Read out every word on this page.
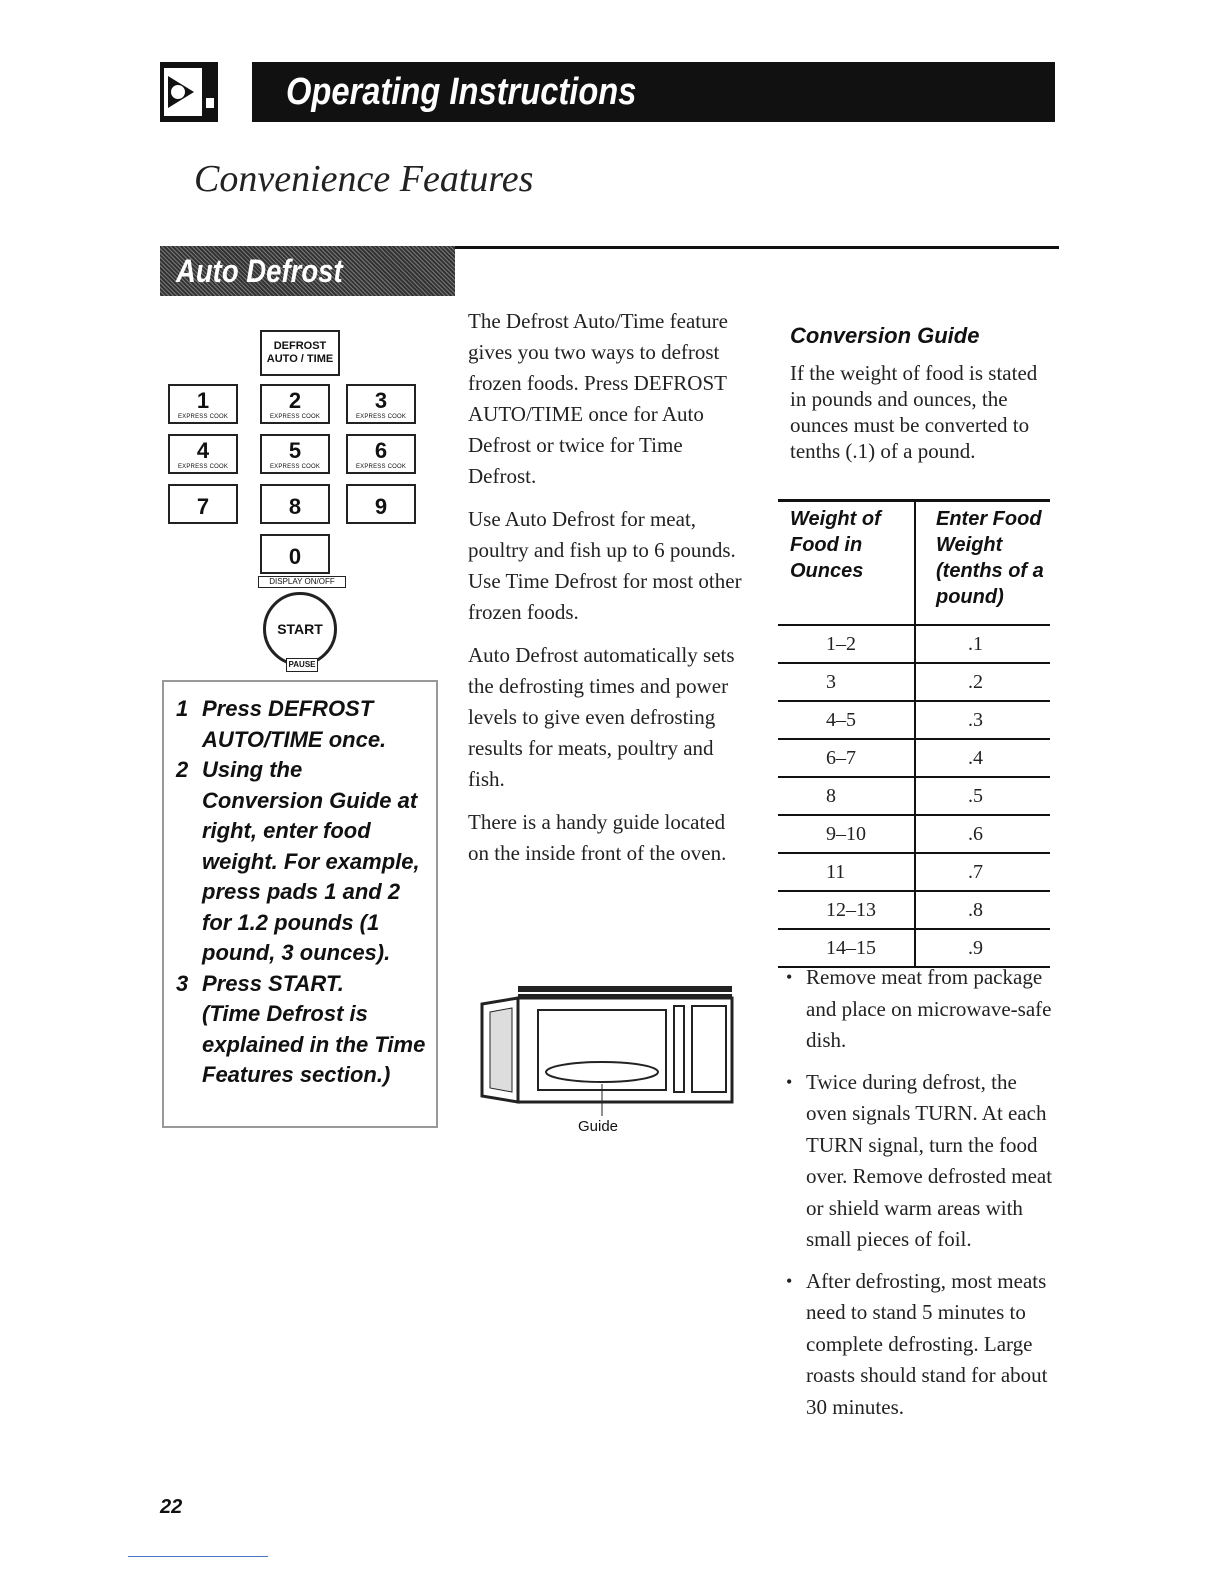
Operating Instructions
Convenience Features
Auto Defrost
DEFROST
AUTO / TIME
1
EXPRESS COOK
2
EXPRESS COOK
3
EXPRESS COOK
4
EXPRESS COOK
5
EXPRESS COOK
6
EXPRESS COOK
7	8	9
0
DISPLAY ON/OFF
START
PAUSE
1 Press DEFROST AUTO/TIME once.
2 Using the Conversion Guide at right, enter food weight. For example, press pads 1 and 2 for 1.2 pounds (1 pound, 3 ounces).
3 Press START.
(Time Defrost is explained in the Time Features section.)

The Defrost Auto/Time feature gives you two ways to defrost frozen foods. Press DEFROST AUTO/TIME once for Auto Defrost or twice for Time Defrost.

Use Auto Defrost for meat, poultry and fish up to 6 pounds. Use Time Defrost for most other frozen foods.

Auto Defrost automatically sets the defrosting times and power levels to give even defrosting results for meats, poultry and fish.

There is a handy guide located on the inside front of the oven.

Guide
Conversion Guide
If the weight of food is stated in pounds and ounces, the ounces must be converted to tenths (.1) of a pound.
Weight of Food in Ounces
Enter Food Weight (tenths of a pound)
1–2	.1
3	.2
4–5	.3
6–7	.4
8	.5
9–10	.6
11	.7
12–13	.8
14–15	.9
• Remove meat from package and place on microwave-safe dish.
• Twice during defrost, the oven signals TURN. At each TURN signal, turn the food over. Remove defrosted meat or shield warm areas with small pieces of foil.
• After defrosting, most meats need to stand 5 minutes to complete defrosting. Large roasts should stand for about 30 minutes.
22
